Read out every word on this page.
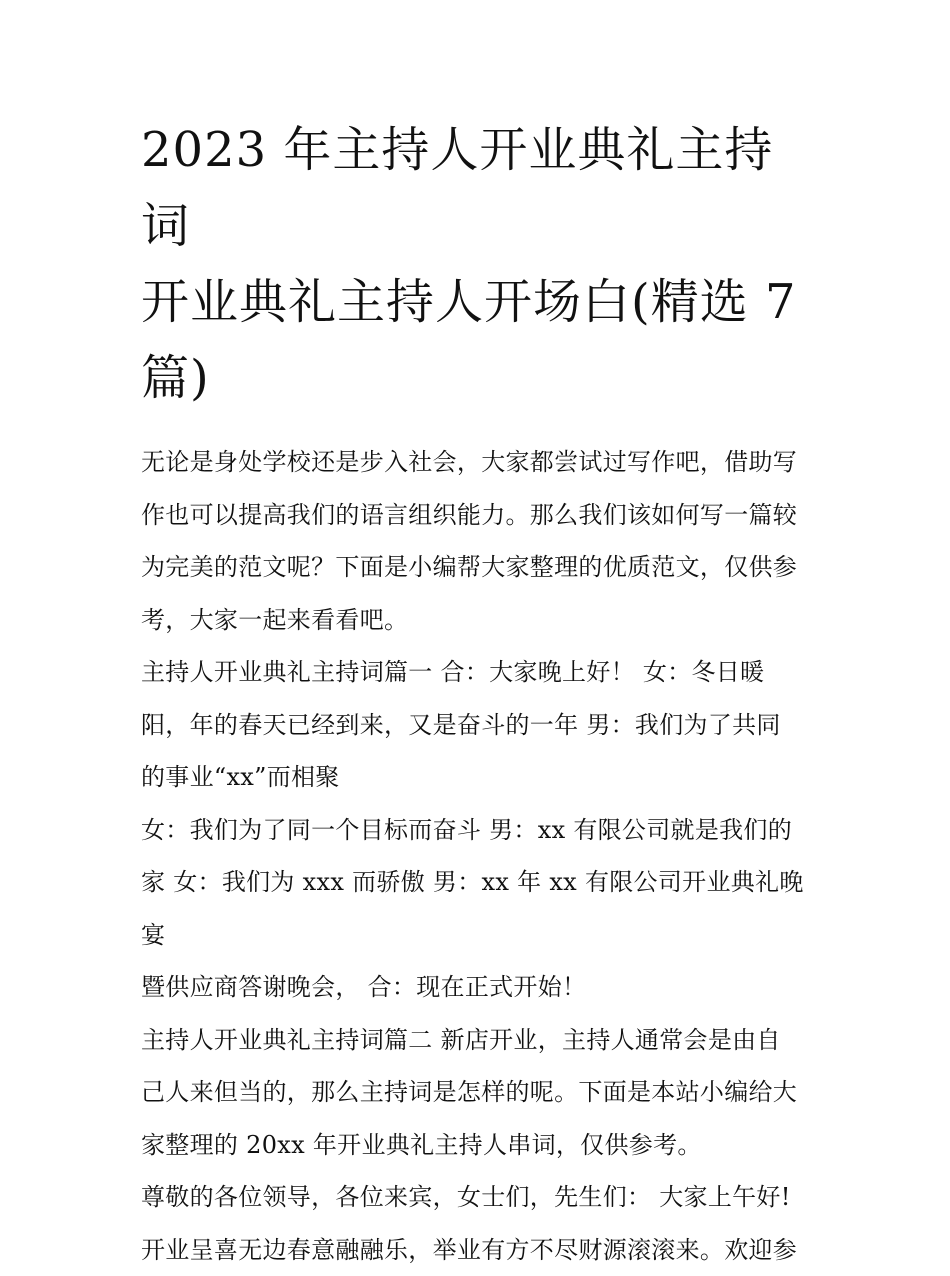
2023 年主持人开业典礼主持词
开业典礼主持人开场白(精选 7
篇)

无论是身处学校还是步入社会，大家都尝试过写作吧，借助写
作也可以提高我们的语言组织能力。那么我们该如何写一篇较
为完美的范文呢？下面是小编帮大家整理的优质范文，仅供参
考，大家一起来看看吧。

主持人开业典礼主持词篇一 合：大家晚上好！ 女：冬日暖
阳，年的春天已经到来，又是奋斗的一年 男：我们为了共同
的事业“xx”而相聚

女：我们为了同一个目标而奋斗 男：xx 有限公司就是我们的
家 女：我们为 xxx 而骄傲 男：xx 年 xx 有限公司开业典礼晚宴
暨供应商答谢晚会， 合：现在正式开始！

主持人开业典礼主持词篇二 新店开业，主持人通常会是由自
己人来但当的，那么主持词是怎样的呢。下面是本站小编给大
家整理的 20xx 年开业典礼主持人串词，仅供参考。

尊敬的各位领导，各位来宾，女士们，先生们： 大家上午好!
开业呈喜无边春意融融乐，举业有方不尽财源滚滚来。欢迎参
